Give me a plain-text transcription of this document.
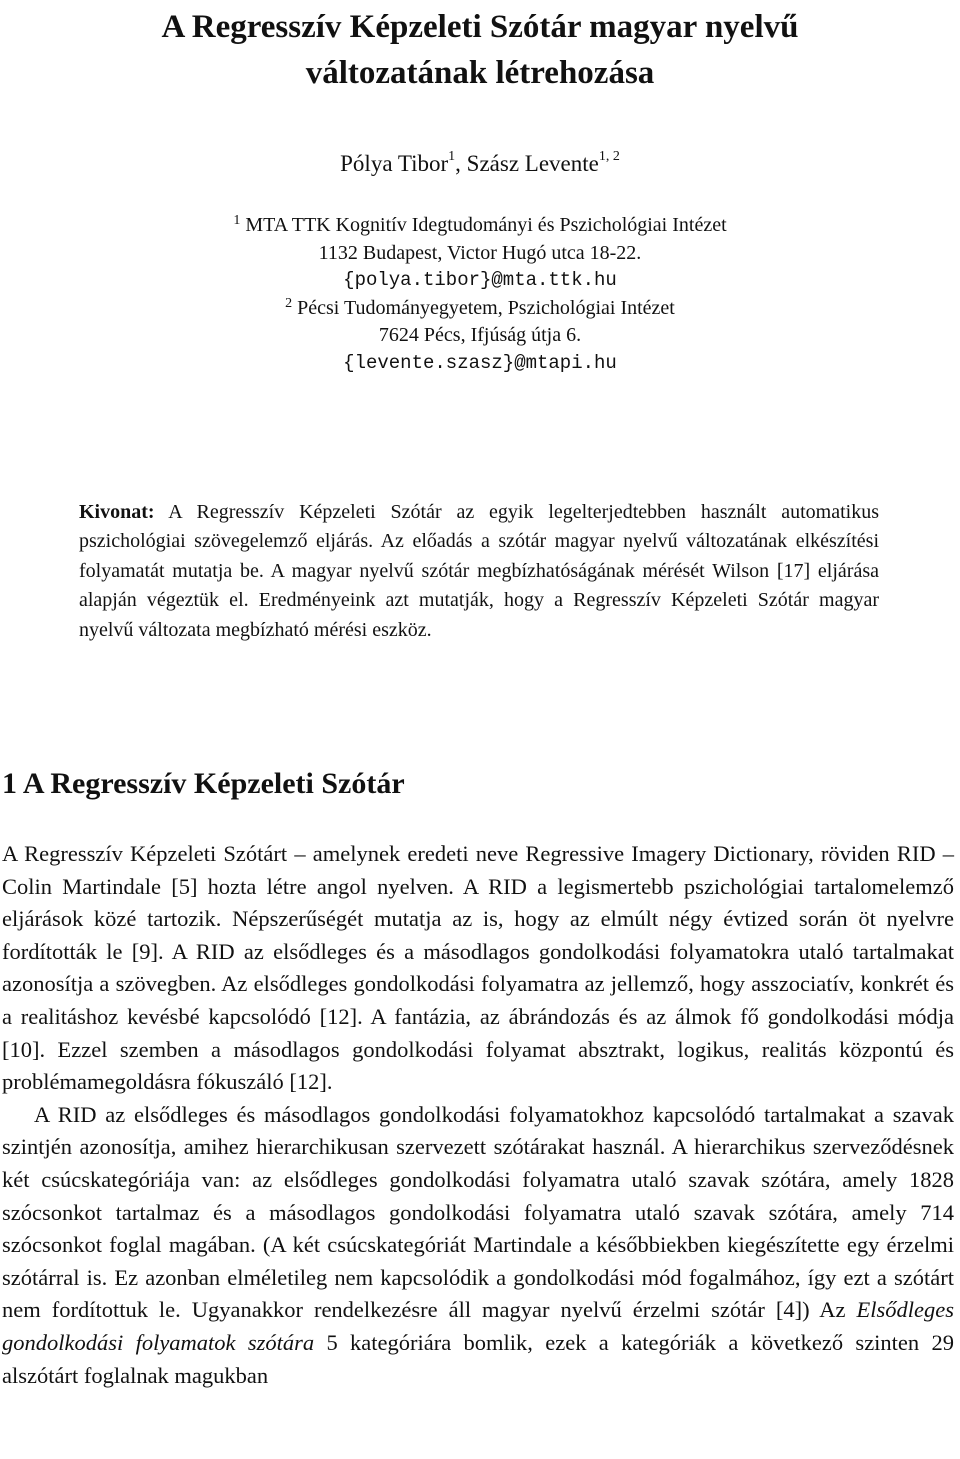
A Regresszív Képzeleti Szótár magyar nyelvű
változatának létrehozása
Pólya Tibor$^1$, Szász Levente$^{1, 2}$
$^1$ MTA TTK Kognitív Idegtudományi és Pszichológiai Intézet
1132 Budapest, Victor Hugó utca 18-22.
{polya.tibor}@mta.ttk.hu
$^2$ Pécsi Tudományegyetem, Pszichológiai Intézet
7624 Pécs, Ifjúság útja 6.
{levente.szasz}@mtapi.hu
Kivonat: A Regresszív Képzeleti Szótár az egyik legelterjedtebben használt automatikus pszichológiai szövegelemző eljárás. Az előadás a szótár magyar nyelvű változatának elkészítési folyamatát mutatja be. A magyar nyelvű szótár megbízhatóságának mérését Wilson [17] eljárása alapján végeztük el. Eredményeink azt mutatják, hogy a Regresszív Képzeleti Szótár magyar nyelvű változata megbízható mérési eszköz.
1 A Regresszív Képzeleti Szótár

A Regresszív Képzeleti Szótárt – amelynek eredeti neve Regressive Imagery Dictionary, röviden RID – Colin Martindale [5] hozta létre angol nyelven. A RID a legismertebb pszichológiai tartalomelemző eljárások közé tartozik. Népszerűségét mutatja az is, hogy az elmúlt négy évtized során öt nyelvre fordították le [9]. A RID az elsődleges és a másodlagos gondolkodási folyamatokra utaló tartalmakat azonosítja a szövegben. Az elsődleges gondolkodási folyamatra az jellemző, hogy asszociatív, konkrét és a realitáshoz kevésbé kapcsolódó [12]. A fantázia, az ábrándozás és az álmok fő gondolkodási módja [10]. Ezzel szemben a másodlagos gondolkodási folyamat absztrakt, logikus, realitás központú és problémamegoldásra fókuszáló [12].

A RID az elsődleges és másodlagos gondolkodási folyamatokhoz kapcsolódó tartalmakat a szavak szintjén azonosítja, amihez hierarchikusan szervezett szótárakat használ. A hierarchikus szerveződésnek két csúcskategóriája van: az elsődleges gondolkodási folyamatra utaló szavak szótára, amely 1828 szócsonkot tartalmaz és a másodlagos gondolkodási folyamatra utaló szavak szótára, amely 714 szócsonkot foglal magában. (A két csúcskategóriát Martindale a későbbiekben kiegészítette egy érzelmi szótárral is. Ez azonban elméletileg nem kapcsolódik a gondolkodási mód fogalmához, így ezt a szótárt nem fordítottuk le. Ugyanakkor rendelkezésre áll magyar nyelvű érzelmi szótár [4]) Az Elsődleges gondolkodási folyamatok szótára 5 kategóriára bomlik, ezek a kategóriák a következő szinten 29 alszótárt foglalnak magukban
